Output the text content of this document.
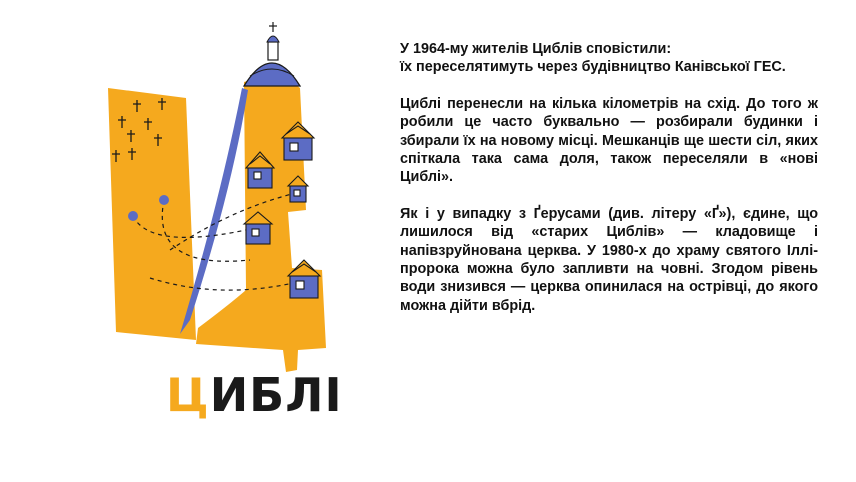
ЦИБЛІ

У 1964-му жителів Циблів сповістили:
їх переселятимуть через будівництво Канівської ГЕС.

Циблі перенесли на кілька кілометрів на схід. До того ж робили це часто буквально — розбирали будинки і збирали їх на новому місці. Мешканців ще шести сіл, яких спіткала така сама доля, також переселяли в «нові Циблі».

Як і у випадку з Ґерусами (див. літеру «Ґ»), єдине, що лишилося від «старих Циблів» — кладовище і напівзруйнована церква. У 1980-х до храму святого Іллі-пророка можна було запливти на човні. Згодом рівень води знизився — церква опинилася на острівці, до якого можна дійти вбрід.
